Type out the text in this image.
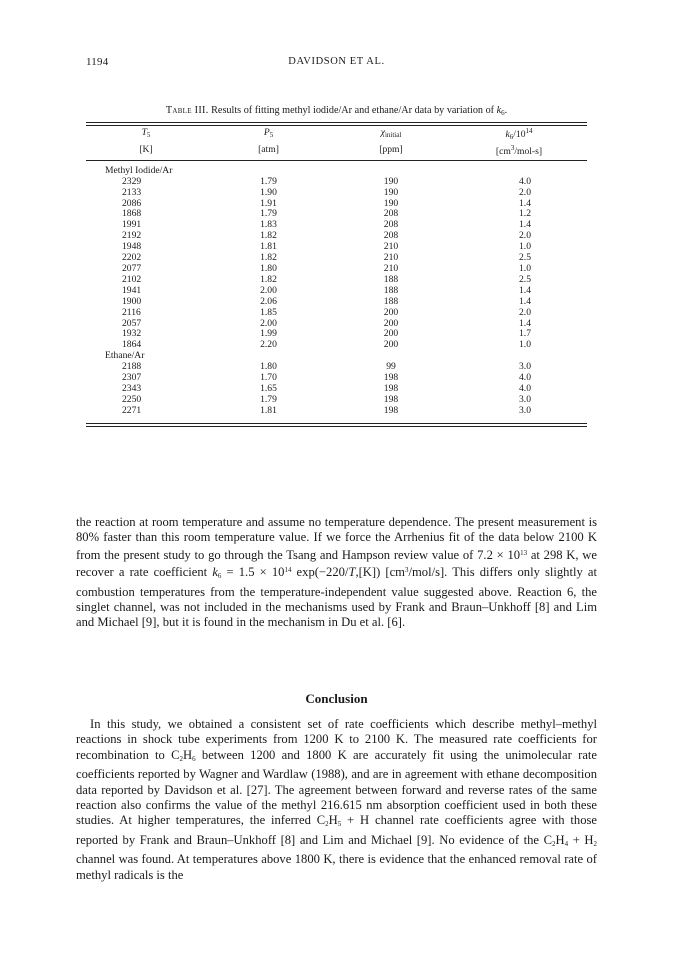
1194	DAVIDSON ET AL.
Table III. Results of fitting methyl iodide/Ar and ethane/Ar data by variation of $k_6$.
$T_5$	$P_5$	$\chi_{initial}$	$k_6/10^{14}$
[K]	[atm]	[ppm]	$[cm^3/mol-s]$
Methyl Iodide/Ar			
2329	1.79	190	4.0
2133	1.90	190	2.0
2086	1.91	190	1.4
1868	1.79	208	1.2
1991	1.83	208	1.4
2192	1.82	208	2.0
1948	1.81	210	1.0
2202	1.82	210	2.5
2077	1.80	210	1.0
2102	1.82	188	2.5
1941	2.00	188	1.4
1900	2.06	188	1.4
2116	1.85	200	2.0
2057	2.00	200	1.4
1932	1.99	200	1.7
1864	2.20	200	1.0
Ethane/Ar			
2188	1.80	99	3.0
2307	1.70	198	4.0
2343	1.65	198	4.0
2250	1.79	198	3.0
2271	1.81	198	3.0

the reaction at room temperature and assume no temperature dependence. The present measurement is 80% faster than this room temperature value. If we force the Arrhenius fit of the data below 2100 K from the present study to go through the Tsang and Hampson review value of $7.2 \times 10^{13}$ at 298 K, we recover a rate coefficient $k_6 = 1.5 \times 10^{14}$ exp(−220/T,[K]) $[cm^3/mol/s]$. This differs only slightly at combustion temperatures from the temperature-independent value suggested above. Reaction 6, the singlet channel, was not included in the mechanisms used by Frank and Braun–Unkhoff [8] and Lim and Michael [9], but it is found in the mechanism in Du et al. [6].

Conclusion

In this study, we obtained a consistent set of rate coefficients which describe methyl–methyl reactions in shock tube experiments from 1200 K to 2100 K. The measured rate coefficients for recombination to $C_2H_6$ between 1200 and 1800 K are accurately fit using the unimolecular rate coefficients reported by Wagner and Wardlaw (1988), and are in agreement with ethane decomposition data reported by Davidson et al. [27]. The agreement between forward and reverse rates of the same reaction also confirms the value of the methyl 216.615 nm absorption coefficient used in both these studies. At higher temperatures, the inferred $C_2H_5 + H$ channel rate coefficients agree with those reported by Frank and Braun–Unkhoff [8] and Lim and Michael [9]. No evidence of the $C_2H_4 + H_2$ channel was found. At temperatures above 1800 K, there is evidence that the enhanced removal rate of methyl radicals is the
